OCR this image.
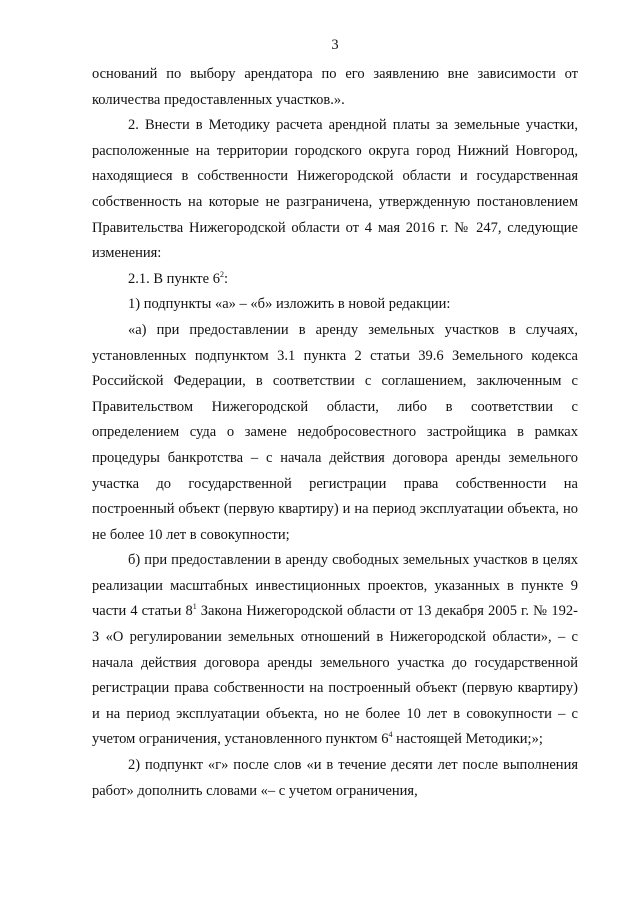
3

оснований по выбору арендатора по его заявлению вне зависимости от количества предоставленных участков.».

2. Внести в Методику расчета арендной платы за земельные участки, расположенные на территории городского округа город Нижний Новгород, находящиеся в собственности Нижегородской области и государственная собственность на которые не разграничена, утвержденную постановлением Правительства Нижегородской области от 4 мая 2016 г. № 247, следующие изменения:

2.1. В пункте $6^2$:

1) подпункты «а» – «б» изложить в новой редакции:

«а) при предоставлении в аренду земельных участков в случаях, установленных подпунктом 3.1 пункта 2 статьи 39.6 Земельного кодекса Российской Федерации, в соответствии с соглашением, заключенным с Правительством Нижегородской области, либо в соответствии с определением суда о замене недобросовестного застройщика в рамках процедуры банкротства – с начала действия договора аренды земельного участка до государственной регистрации права собственности на построенный объект (первую квартиру) и на период эксплуатации объекта, но не более 10 лет в совокупности;

б) при предоставлении в аренду свободных земельных участков в целях реализации масштабных инвестиционных проектов, указанных в пункте 9 части 4 статьи $8^1$ Закона Нижегородской области от 13 декабря 2005 г. № 192-З «О регулировании земельных отношений в Нижегородской области», – с начала действия договора аренды земельного участка до государственной регистрации права собственности на построенный объект (первую квартиру) и на период эксплуатации объекта, но не более 10 лет в совокупности – с учетом ограничения, установленного пунктом $6^4$ настоящей Методики;»;

2) подпункт «г» после слов «и в течение десяти лет после выполнения работ» дополнить словами «– с учетом ограничения,
